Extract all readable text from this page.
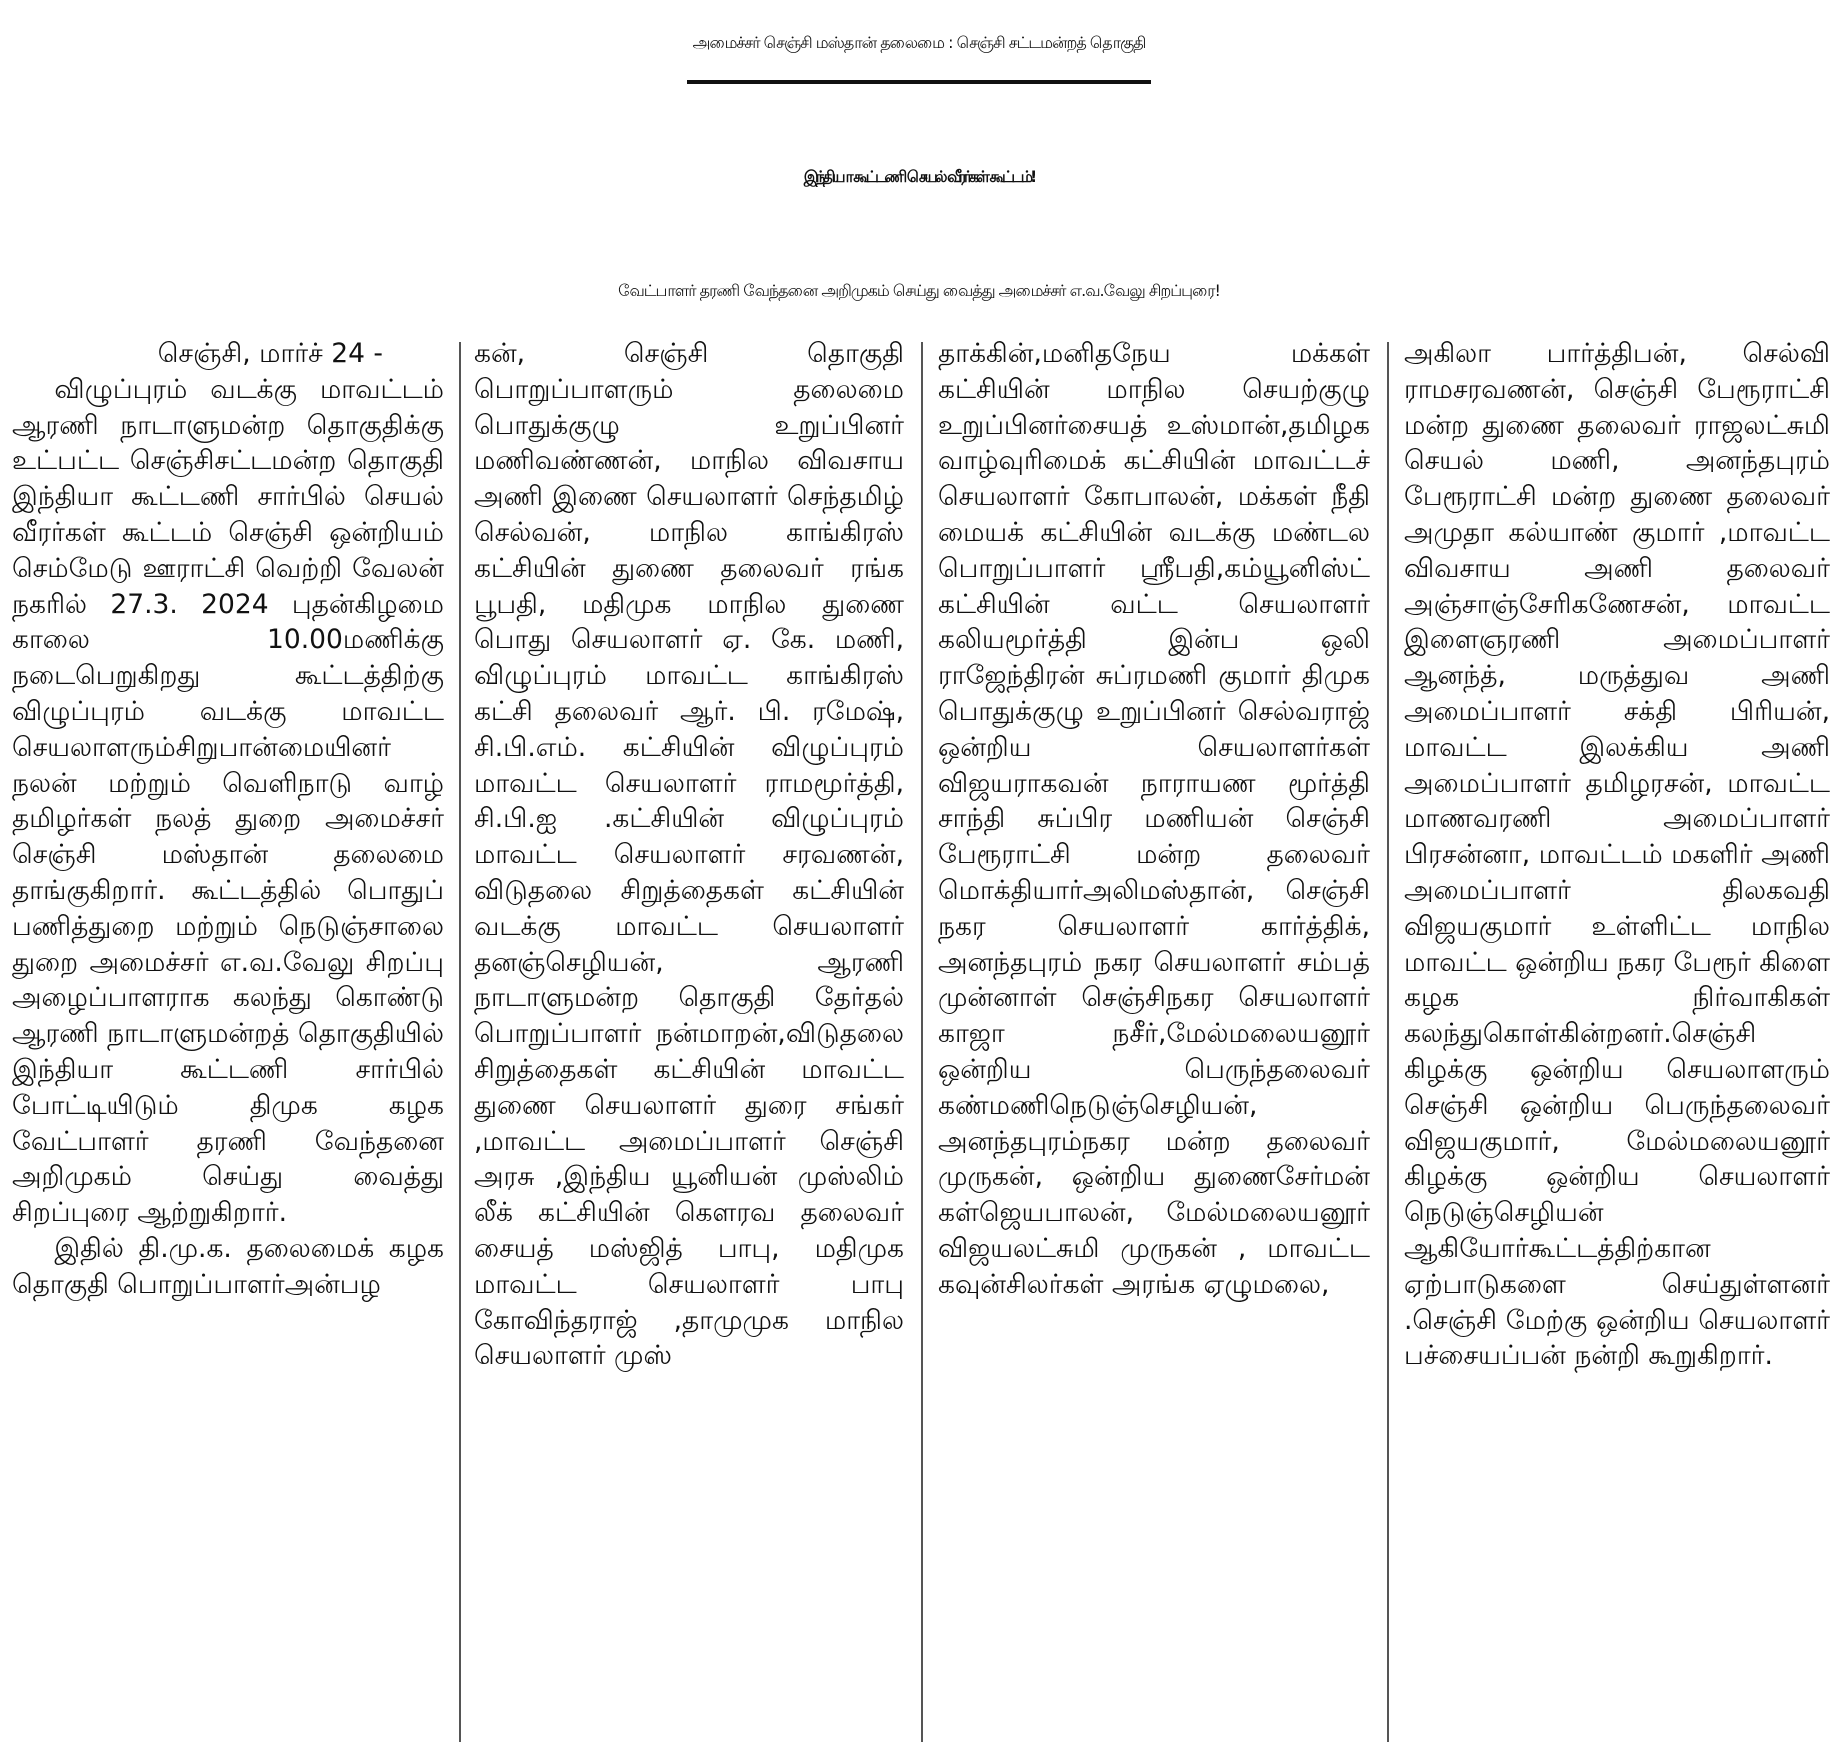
அமைச்சர் செஞ்சி மஸ்தான் தலைமை : செஞ்சி சட்டமன்றத் தொகுதி
இந்தியா கூட்டணி செயல் வீரர்கள் கூட்டம்!
வேட்பாளர் தரணி வேந்தனை அறிமுகம் செய்து வைத்து அமைச்சர் எ.வ.வேலு சிறப்புரை!

செஞ்சி, மார்ச் 24 -

விழுப்புரம் வடக்கு மாவட்டம் ஆரணி நாடாளுமன்ற தொகுதிக்கு உட்பட்ட செஞ்சிசட்டமன்ற தொகுதி இந்தியா கூட்டணி சார்பில் செயல் வீரர்கள் கூட்டம் செஞ்சி ஒன்றியம் செம்மேடு ஊராட்சி வெற்றி வேலன் நகரில் 27.3. 2024 புதன்கிழமை காலை 10.00மணிக்கு நடைபெறுகிறது கூட்டத்திற்கு விழுப்புரம் வடக்கு மாவட்ட செயலாளரும்சிறுபான்மையினர் நலன் மற்றும் வெளிநாடு வாழ் தமிழர்கள் நலத் துறை அமைச்சர் செஞ்சி மஸ்தான் தலைமை தாங்குகிறார். கூட்டத்தில் பொதுப் பணித்துறை மற்றும் நெடுஞ்சாலை துறை அமைச்சர் எ.வ.வேலு சிறப்பு அழைப்பாளராக கலந்து கொண்டு ஆரணி நாடாளுமன்றத் தொகுதியில் இந்தியா கூட்டணி சார்பில் போட்டியிடும் திமுக கழக வேட்பாளர் தரணி வேந்தனை அறிமுகம் செய்து வைத்து சிறப்புரை ஆற்றுகிறார்.

இதில் தி.மு.க. தலைமைக் கழக தொகுதி பொறுப்பாளர்அன்பழ

கன், செஞ்சி தொகுதி பொறுப்பாளரும் தலைமை பொதுக்குழு உறுப்பினர் மணிவண்ணன், மாநில விவசாய அணி இணை செயலாளர் செந்தமிழ் செல்வன், மாநில காங்கிரஸ் கட்சியின் துணை தலைவர் ரங்க பூபதி, மதிமுக மாநில துணை பொது செயலாளர் ஏ. கே. மணி, விழுப்புரம் மாவட்ட காங்கிரஸ் கட்சி தலைவர் ஆர். பி. ரமேஷ், சி.பி.எம். கட்சியின் விழுப்புரம் மாவட்ட செயலாளர் ராமமூர்த்தி, சி.பி.ஐ .கட்சியின் விழுப்புரம் மாவட்ட செயலாளர் சரவணன், விடுதலை சிறுத்தைகள் கட்சியின் வடக்கு மாவட்ட செயலாளர் தனஞ்செழியன், ஆரணி நாடாளுமன்ற தொகுதி தேர்தல் பொறுப்பாளர் நன்மாறன்,விடுதலை சிறுத்தைகள் கட்சியின் மாவட்ட துணை செயலாளர் துரை சங்கர் ,மாவட்ட அமைப்பாளர் செஞ்சி அரசு ,இந்திய யூனியன் முஸ்லிம் லீக் கட்சியின் கௌரவ தலைவர் சையத் மஸ்ஜித் பாபு, மதிமுக மாவட்ட செயலாளர் பாபு கோவிந்தராஜ் ,தாமுமுக மாநில செயலாளர் முஸ்

தாக்கின்,மனிதநேய மக்கள் கட்சியின் மாநில செயற்குழு உறுப்பினர்சையத் உஸ்மான்,தமிழக வாழ்வுரிமைக் கட்சியின் மாவட்டச் செயலாளர் கோபாலன், மக்கள் நீதி மையக் கட்சியின் வடக்கு மண்டல பொறுப்பாளர் ஸ்ரீபதி,கம்யூனிஸ்ட் கட்சியின் வட்ட செயலாளர் கலியமூர்த்தி இன்ப ஒலி ராஜேந்திரன் சுப்ரமணி குமார் திமுக பொதுக்குழு உறுப்பினர் செல்வராஜ் ஒன்றிய செயலாளர்கள் விஜயராகவன் நாராயண மூர்த்தி சாந்தி சுப்பிர மணியன் செஞ்சி பேரூராட்சி மன்ற தலைவர் மொக்தியார்அலிமஸ்தான், செஞ்சி நகர செயலாளர் கார்த்திக், அனந்தபுரம் நகர செயலாளர் சம்பத் முன்னாள் செஞ்சிநகர செயலாளர் காஜா நசீர்,மேல்மலையனூர் ஒன்றிய பெருந்தலைவர் கண்மணிநெடுஞ்செழியன், அனந்தபுரம்நகர மன்ற தலைவர் முருகன், ஒன்றிய துணைசேர்மன் கள்ஜெயபாலன், மேல்மலையனூர் விஜயலட்சுமி முருகன் , மாவட்ட கவுன்சிலர்கள் அரங்க ஏழுமலை,

அகிலா பார்த்திபன், செல்வி ராமசரவணன், செஞ்சி பேரூராட்சி மன்ற துணை தலைவர் ராஜலட்சுமி செயல் மணி, அனந்தபுரம் பேரூராட்சி மன்ற துணை தலைவர் அமுதா கல்யாண் குமார் ,மாவட்ட விவசாய அணி தலைவர் அஞ்சாஞ்சேரிகணேசன், மாவட்ட இளைஞரணி அமைப்பாளர் ஆனந்த், மருத்துவ அணி அமைப்பாளர் சக்தி பிரியன், மாவட்ட இலக்கிய அணி அமைப்பாளர் தமிழரசன், மாவட்ட மாணவரணி அமைப்பாளர் பிரசன்னா, மாவட்டம் மகளிர் அணி அமைப்பாளர் திலகவதி விஜயகுமார் உள்ளிட்ட மாநில மாவட்ட ஒன்றிய நகர பேரூர் கிளை கழக நிர்வாகிகள் கலந்துகொள்கின்றனர்.செஞ்சி கிழக்கு ஒன்றிய செயலாளரும் செஞ்சி ஒன்றிய பெருந்தலைவர் விஜயகுமார், மேல்மலையனூர் கிழக்கு ஒன்றிய செயலாளர் நெடுஞ்செழியன் ஆகியோர்கூட்டத்திற்கான ஏற்பாடுகளை செய்துள்ளனர் .செஞ்சி மேற்கு ஒன்றிய செயலாளர் பச்சையப்பன் நன்றி கூறுகிறார்.
